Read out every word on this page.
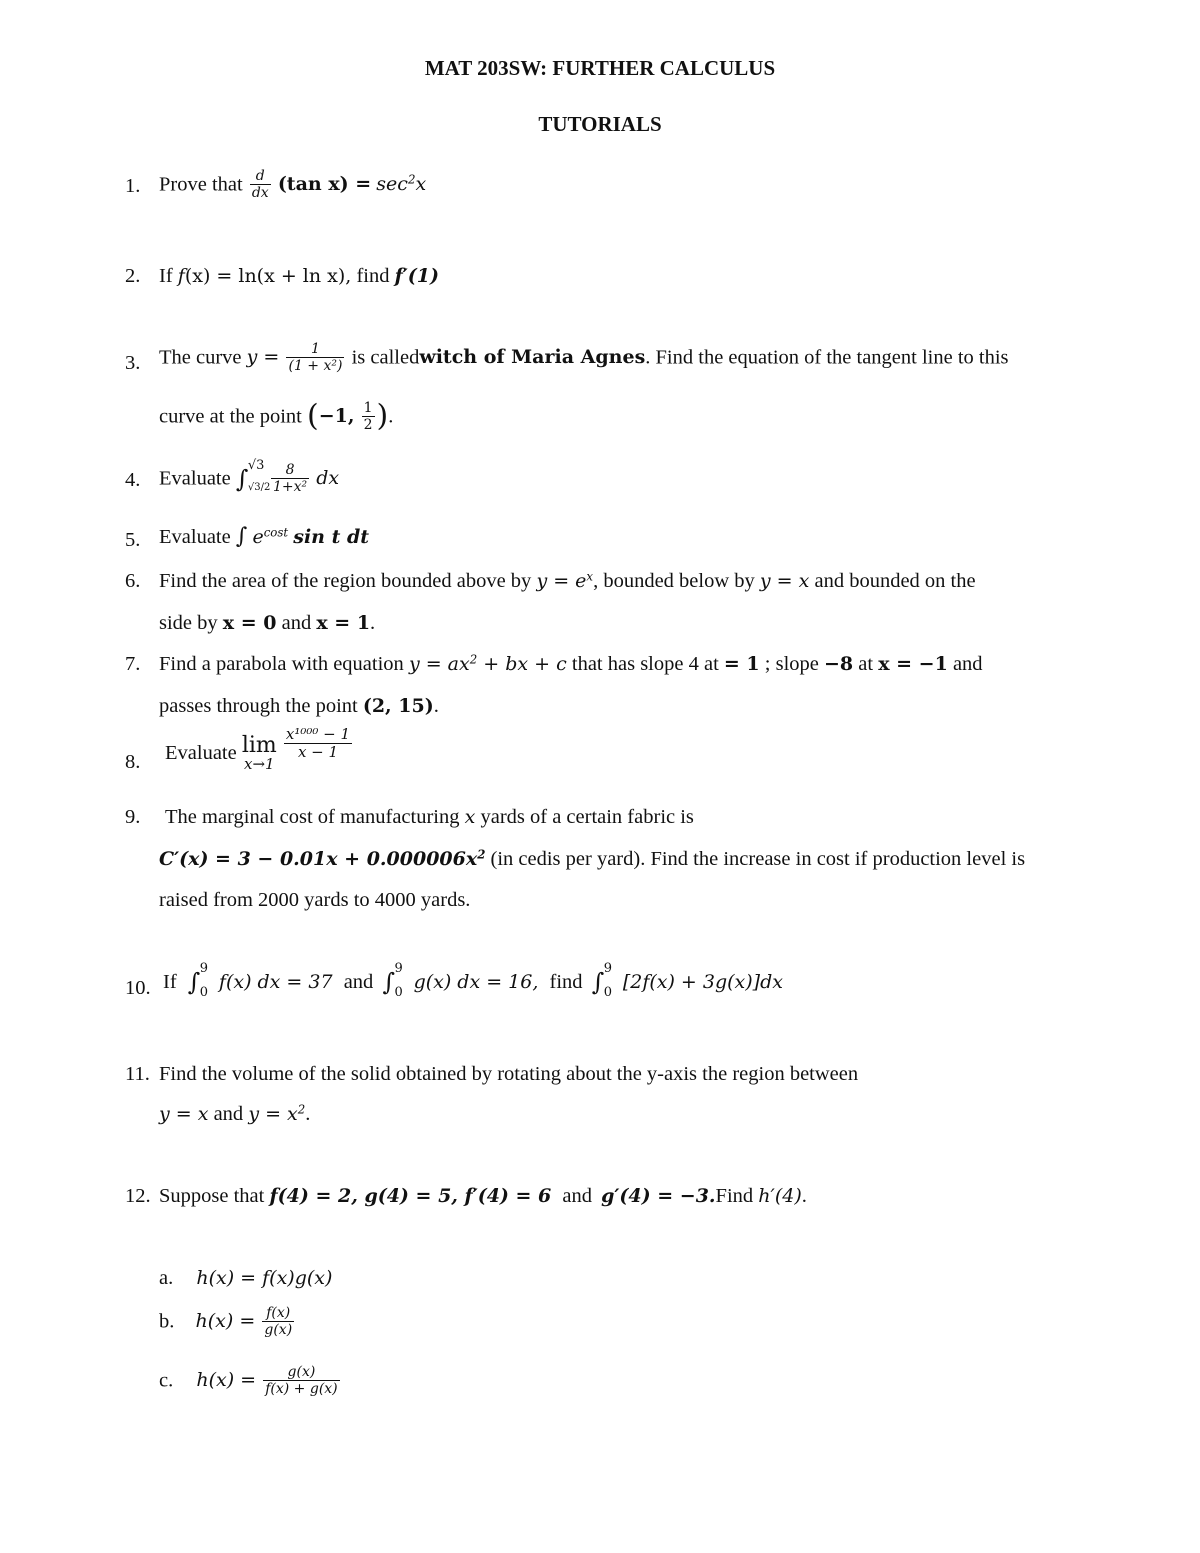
MAT 203SW: FURTHER CALCULUS
TUTORIALS
1. Prove that $\frac{d}{dx} (\tan$ $x) = \sec^2x$
2. If f(x) = ln(x + ln x), find f′(1)
3. The curve $y = \frac{1}{\text{(1 + x²)}}$ is calledwitch of Maria Agnes. Find the equation of the tangent line to this
curve at the point (−1, $\frac{1}{2}$ ).
4. Evaluate ∫ √3
√3/2
$\frac{8}{\text{1+x²}}$ dx
5. Evaluate ∫ $e^{cost}$ sin t dt
6. Find the area of the region bounded above by $y = e^x$, bounded below by y = x and bounded on the
side by x = 0 and x = 1.
7. Find a parabola with equation $y = ax^2$ + bx + c that has slope 4 at = 1 ; slope −8 at x = −1 and
passes through the point (2, 15).
8. Evaluate lim
x→1

$\frac{\text{x¹⁰⁰⁰ − 1}}{x - 1}$
9. The marginal cost of manufacturing x yards of a certain fabric is
$C'(x) = 3 - 0.01x + 0.000006x^2$ (in cedis per yard). Find the increase in cost if production level is
raised from 2000 yards to 4000 yards.
10. If ∫ 9
0 f(x) dx = 37 and ∫ 9
0 g(x) dx = 16, find ∫ 9
0 [2f(x) + 3g(x)]dx
11. Find the volume of the solid obtained by rotating about the y-axis the region between
y = x and $y = x^2$.
12. Suppose that f(4) = 2, g(4) = 5, f′(4) = 6 and g′(4) = −3.Find h′(4).
a. h(x) = f(x)g(x)
b. $h(x) = \frac{f(x)}{g(x)}$
c. $h(x) = \frac{g(x)}{f(x) + g(x)}$
